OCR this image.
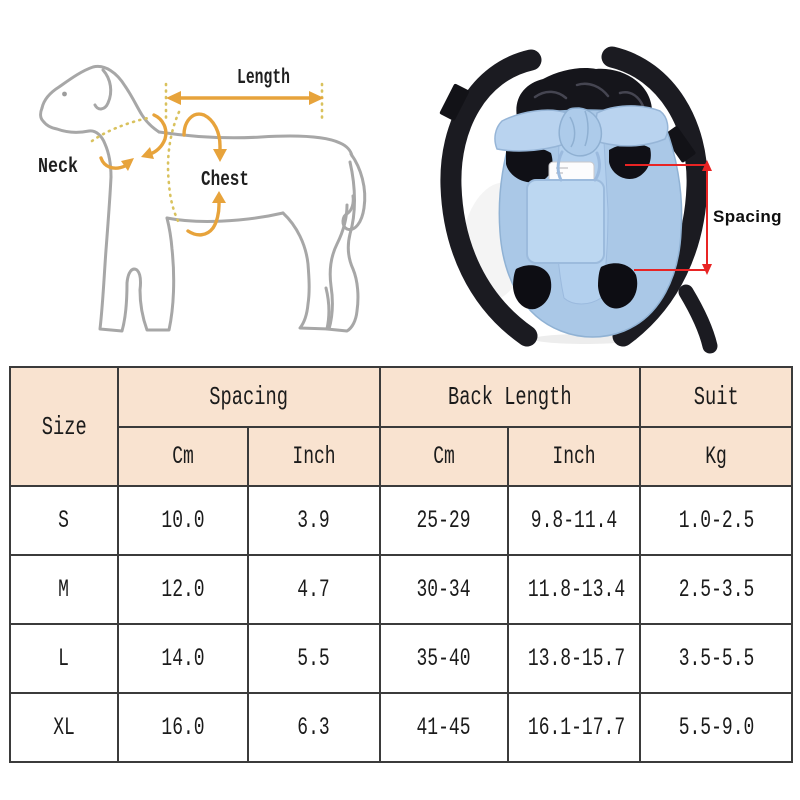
Length
Neck
Chest
Spacing
Size	Spacing		Back Length		Suit
	Cm	Inch	Cm	Inch	Kg
S	10.0	3.9	25-29	9.8-11.4	1.0-2.5
M	12.0	4.7	30-34	11.8-13.4	2.5-3.5
L	14.0	5.5	35-40	13.8-15.7	3.5-5.5
XL	16.0	6.3	41-45	16.1-17.7	5.5-9.0
